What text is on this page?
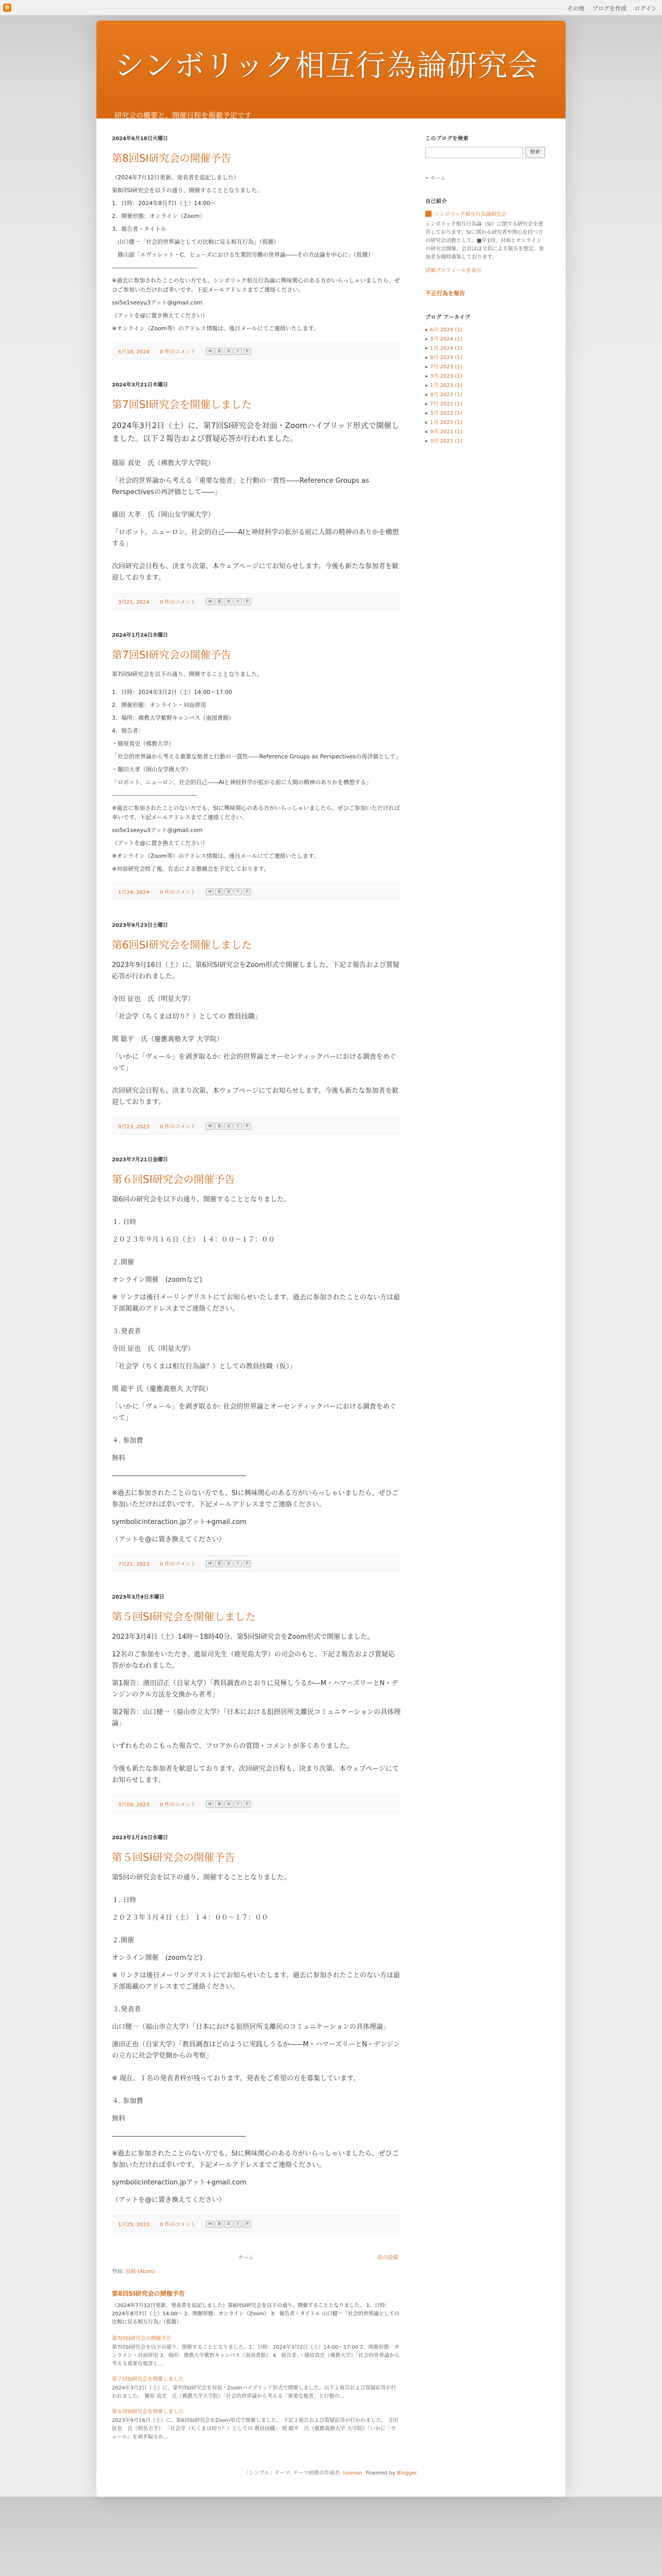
B	その他 ブログを作成 ログイン
シンボリック相互行為論研究会
研究会の概要と、開催日程を掲載予定です
2024年6月18日火曜日
第8回SI研究会の開催予告

（2024年7月12日更新、発表者を追記しました）

第8回SI研究会を以下の通り、開催することとなりました。

1．日時：2024年8月7日（土）14:00〜

2．開催形態：オンライン（Zoom）

3．報告者・タイトル

　山口健一「社会的世界論としての比較に見る相互行為」（仮題）

　篠山諒「エヴァレット・C．ヒューズにおける生業的労働の世界論――その方法論を中心に」（仮題）

―――――――――――――――

※過去に参加されたことのない方でも、シンボリック相互行為論に興味関心のある方がいらっしゃいましたら、ぜひご参加いただければ幸いです。下記メールアドレスまでご連絡ください。

ssi5e1seeyu3アット@gmail.com

（アットを@に置き換えてください）

※オンライン（Zoom等）のアドレス情報は、後日メールにてご連絡いたします。

6月18, 2024 0 件のコメント	✉	B	X	f	P
2024年3月21日木曜日
第7回SI研究会を開催しました

2024年3月2日（土）に、第7回SI研究会を対面・Zoomハイブリッド形式で開催しました。以下２報告および質疑応答が行われました。

篠原 真史　氏（佛教大学大学院）

「社会的世界論から考える「重要な他者」と行動の一貫性――Reference Groups as Perspectivesの再評価として――」

藤田 大孝　氏（岡山女学園大学）

「ロボット、ニューロン、社会的自己――AIと神経科学の拡がる前に人間の精神のありかを構想する」

次回研究会日程も、決まり次第、本ウェブページにてお知らせします。今後も新たな参加者を歓迎しております。

3月21, 2024 0 件のコメント	✉	B	X	f	P
2024年1月24日水曜日
第7回SI研究会の開催予告

第7回SI研究会を以下の通り、開催することとなりました。

1．日時：2024年3月2日（土）14:00〜17:00

2．開催形態：オンライン・対面併用

3．場所：佛教大学紫野キャンパス（南図書館）

4．報告者：

・篠原真史（佛教大学）

「社会的世界論から考える重要な他者と行動の一貫性――Reference Groups as Perspectivesの再評価として」

・藤田大孝（岡山女学園大学）

「ロボット、ニューロン、社会的自己――AIと神経科学が拡がる前に人間の精神のありかを構想する」

―――――――――――――――

※過去に参加されたことのない方でも、SIに興味関心のある方がいらっしゃいましたら、ぜひご参加いただければ幸いです。下記メールアドレスまでご連絡ください。

ssi5e1seeyu3アット@gmail.com

（アットを@に置き換えてください）

※オンライン（Zoom等）のアドレス情報は、後日メールにてご連絡いたします。

※対面研究会終了後、有志による懇親会を予定しております。

1月24, 2024 0 件のコメント	✉	B	X	f	P
2023年9月23日土曜日
第6回SI研究会を開催しました

2023年9月16日（土）に、第6回SI研究会をZoom形式で開催しました。下記２報告および質疑応答が行われました。

寺田 征也　氏（明星大学）

「社会学（ちくまは切り？）としての 教員技職」

関 聡平　氏（慶應義塾大学 大学院）

「いかに「ヴェール」を剥ぎ取るか: 社会的世界論とオーセンティックバーにおける調査をめぐって」

次回研究会日程も、決まり次第、本ウェブページにてお知らせします。今後も新たな参加者を歓迎しております。

9月23, 2023 0 件のコメント	✉	B	X	f	P
2023年7月21日金曜日
第６回SI研究会の開催予告

第6回の研究会を以下の通り、開催することとなりました。

１. 日時

２０２３年９月１６日（土） １４：００〜１７：００

２.開催

オンライン開催　(zoomなど)

※ リンクは後日メーリングリストにてお知らせいたします。過去に参加されたことのない方は最下部掲載のアドレスまでご連絡ください。

３.発表者

寺田 征也　氏（明星大学）

「社会学（ちくまは相互行為論？）としての教員技職（仮）」

関 聡平 氏（慶應義塾大 大学院）

「いかに「ヴェール」を剥ぎ取るか: 社会的世界論とオーセンティックバーにおける調査をめぐって」

４. 参加費

無料

――――――――――――――――――――

※過去に参加されたことのない方でも、SIに興味関心のある方がいらっしゃいましたら、ぜひご参加いただければ幸いです。下記メールアドレスまでご連絡ください。

symbolicinteraction.jpアット+gmail.com

（アットを@に置き換えてください）

7月21, 2023 0 件のコメント	✉	B	X	f	P
2023年3月9日木曜日
第５回SI研究会を開催しました

2023年3月4日（土）14時〜18時40分、第5回SI研究会をZoom形式で開催しました。

12名のご参加をいただき、進原司先生（鹿児島大学）の司会のもと、下記２報告および質疑応答がかなわれました。

第1報告：濱田沼正（自家大学）「教員調査のとおりに見極しうるか―M・ハマーズリーとN・デンジンのクル方法を交換から者考」

第2報告：山口健一（福山市立大学）「日本における狙摂居所支離民コミュニケーションの具体理論」

いずれもたのこもった報告で、フロアからの質問・コメントが多くありました。

今後も新たな参加者を歓迎しております。次回研究会日程も、決まり次第、本ウェブページにてお知らせします。

3月09, 2023 0 件のコメント	✉	B	X	f	P
2023年1月25日水曜日
第５回SI研究会の開催予告

第5回の研究会を以下の通り、開催することとなりました。

１. 日時

２０２３年３月４日（土） １４：００〜１７：００

２.開催

オンライン開催　(zoomなど)

※ リンクは後日メーリングリストにてお知らせいたします。過去に参加されたことのない方は最下部掲載のアドレスまでご連絡ください。

３.発表者

山口健一（福山市立大学）「日本における狙摂居所支離民のコミュニケーションの具体理論」

濱田正也（自家大学）「教員調査はどのように実践しうるか――M・ハマーズリーとN・デンジンの立方に社会学党側からの考察」

※ 現在、１名の発表者枠が残っております。発表をご希望の方を募集しています。

４. 参加費

無料

――――――――――――――――――――

※過去に参加されたことのない方でも、SIに興味関心のある方がいらっしゃいましたら、ぜひご参加いただければ幸いです。下記メールアドレスまでご連絡ください。

symbolicinteraction.jpアット+gmail.com

（アットを@に置き換えてください）

1月25, 2023 0 件のコメント	✉	B	X	f	P
ホーム	前の投稿
登録: 投稿 (Atom)
第8回SI研究会の開催予告

（2024年7月12日更新、発表者を追記しました）第8回SI研究会を以下の通り、開催することとなりました。 1．日時：2024年8月7日（土）14:00〜 2．開催形態：オンライン（Zoom） 3．報告者・タイトル 山口健一「社会的世界論としての比較に見る相互行為」（仮題）

第7回SI研究会の開催予告
第7回SI研究会を以下の通り、開催することとなりました。1．日時：2024年3月2日（土）14:00〜17:00 2．開催形態：オンライン・対面併用 3．場所：佛教大学紫野キャンパス（南図書館） 4．報告者：・篠原真史（佛教大学）「社会的世界論から考える重要な他者と…
第７回SI研究会を開催しました
2024年3月2日（土）に、第7回SI研究会を対面・Zoomハイブリッド形式で開催しました。以下２報告および質疑応答が行われました。 篠原 真史　氏（佛教大学大学院）「社会的世界論から考える「重要な他者」と行動の…
第６回SI研究会を開催しました
2023年9月16日（土）に、第6回SI研究会をZoom形式で開催しました。 下記２報告および質疑応答が行われました。 寺田 征也　氏（明星大学） 「社会学（ちくまは切り？）としての 教員技職」 関 聡平　氏（慶應義塾大学 大学院）「いかに「ヴェール」を剥ぎ取るか…
このブログを検索
検索
• ホーム
自己紹介
シンボリック相互行為論研究会
シンボリック相互行為論（SI）に関する研究会を運営しております。SIに関わる研究者や関心を持つ方の研究会活動として、■年1回、対面とオンラインの研究会開催、会員ほぼ全員による報告を想定。参加者を随時募集しております。
詳細プロフィールを表示
不正行為を報告
ブログ アーカイブ
▸ 6月 2024 (1)
▸ 3月 2024 (1)
▸ 1月 2024 (1)
▸ 9月 2023 (1)
▸ 7月 2023 (1)
▸ 3月 2023 (1)
▸ 1月 2023 (1)
▸ 9月 2022 (1)
▸ 7月 2022 (1)
▸ 3月 2022 (1)
▸ 1月 2022 (1)
▸ 9月 2021 (1)
▸ 3月 2021 (1)
「シンプル」テーマ. テーマ画像の作成者: luoman. Powered by Blogger.
